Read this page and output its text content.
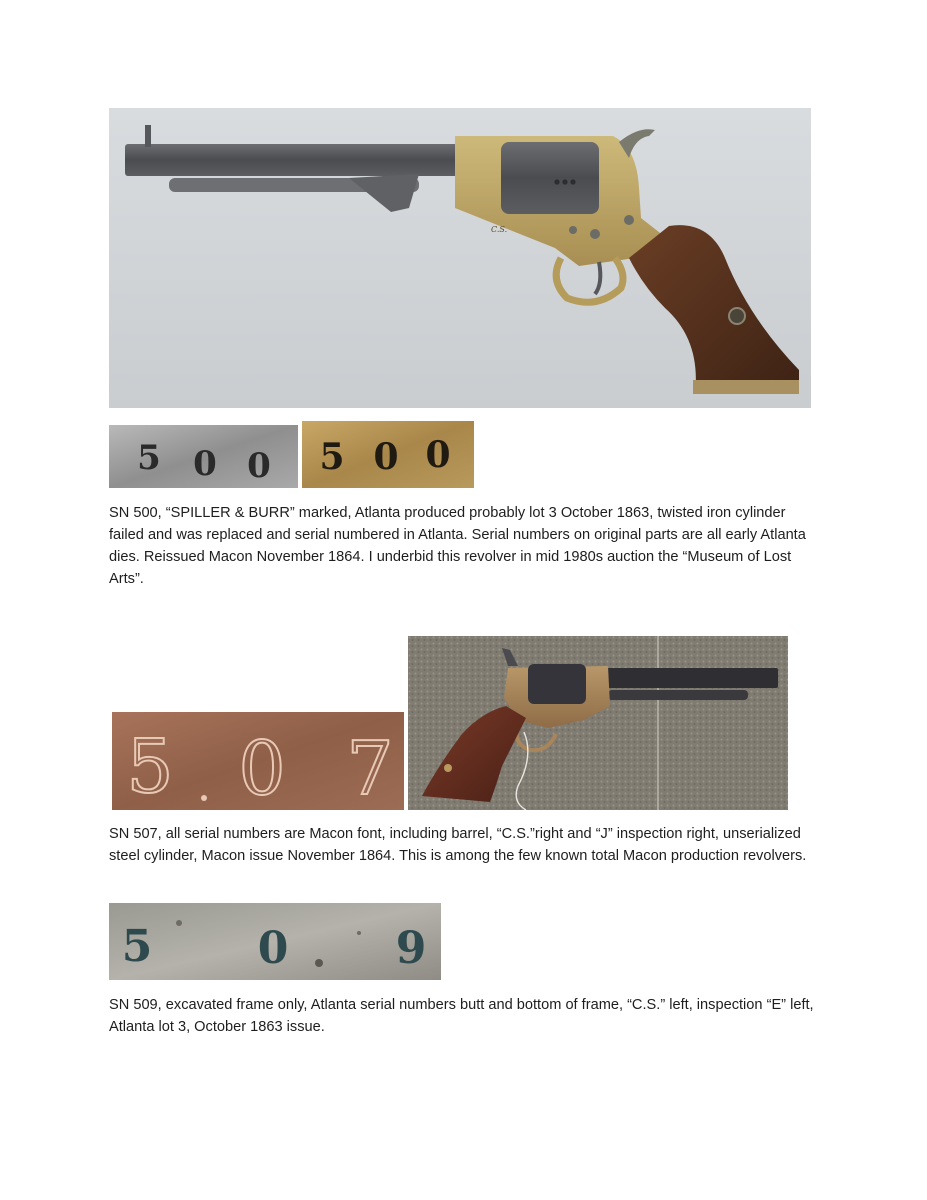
C.S.
5 0 0 5 0 0

SN 500, “SPILLER & BURR” marked, Atlanta produced probably lot 3 October 1863, twisted iron cylinder failed and was replaced and serial numbered in Atlanta. Serial numbers on original parts are all early Atlanta dies. Reissued Macon November 1864. I underbid this revolver in mid 1980s auction the “Museum of Lost Arts”.

5 0 7

SN 507, all serial numbers are Macon font, including barrel, “C.S.”right and “J” inspection right, unserialized steel cylinder, Macon issue November 1864. This is among the few known total Macon production revolvers.

5 0 9

SN 509, excavated frame only, Atlanta serial numbers butt and bottom of frame, “C.S.” left, inspection “E” left, Atlanta lot 3, October 1863 issue.
